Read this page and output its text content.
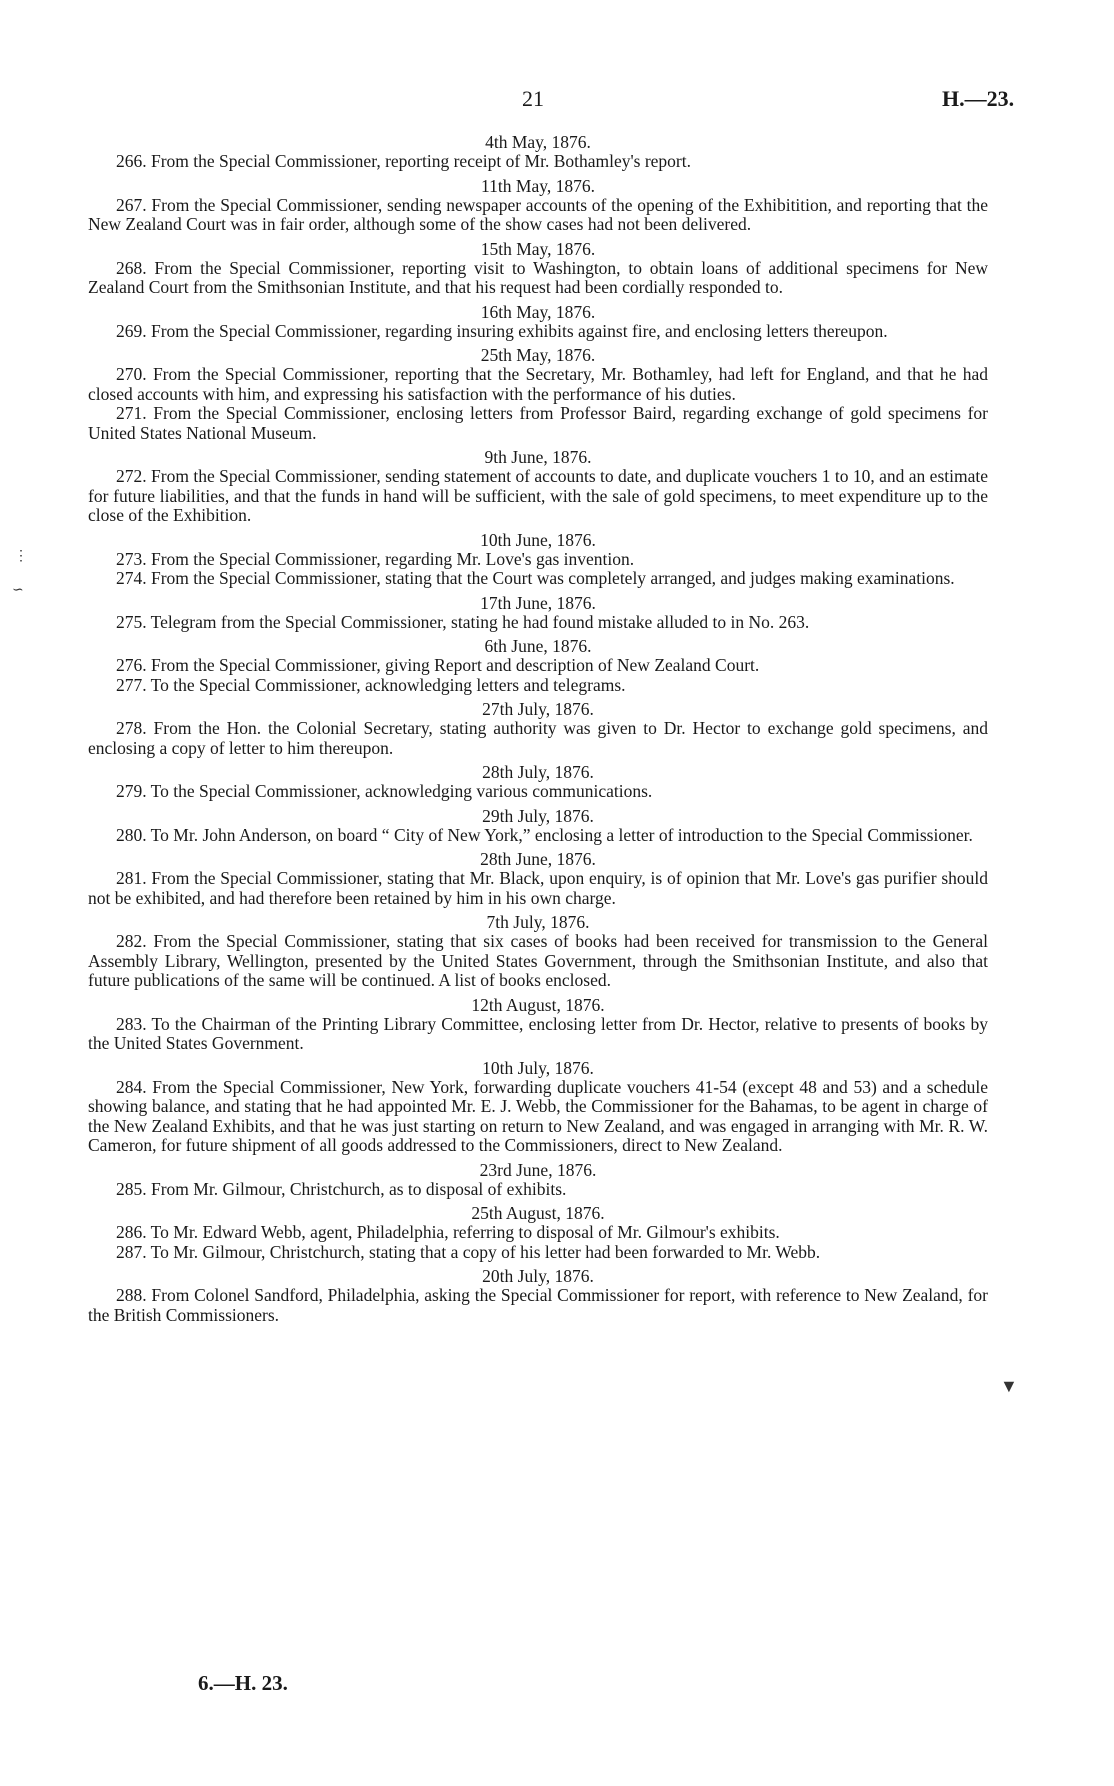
21	H.—23.
4th May, 1876.

266. From the Special Commissioner, reporting receipt of Mr. Bothamley's report.

11th May, 1876.

267. From the Special Commissioner, sending newspaper accounts of the opening of the Exhibitition, and reporting that the New Zealand Court was in fair order, although some of the show cases had not been delivered.

15th May, 1876.

268. From the Special Commissioner, reporting visit to Washington, to obtain loans of additional specimens for New Zealand Court from the Smithsonian Institute, and that his request had been cordially responded to.

16th May, 1876.

269. From the Special Commissioner, regarding insuring exhibits against fire, and enclosing letters thereupon.

25th May, 1876.

270. From the Special Commissioner, reporting that the Secretary, Mr. Bothamley, had left for England, and that he had closed accounts with him, and expressing his satisfaction with the performance of his duties.

271. From the Special Commissioner, enclosing letters from Professor Baird, regarding exchange of gold specimens for United States National Museum.

9th June, 1876.

272. From the Special Commissioner, sending statement of accounts to date, and duplicate vouchers 1 to 10, and an estimate for future liabilities, and that the funds in hand will be sufficient, with the sale of gold specimens, to meet expenditure up to the close of the Exhibition.

10th June, 1876.

273. From the Special Commissioner, regarding Mr. Love's gas invention.

274. From the Special Commissioner, stating that the Court was completely arranged, and judges making examinations.

17th June, 1876.

275. Telegram from the Special Commissioner, stating he had found mistake alluded to in No. 263.

6th June, 1876.

276. From the Special Commissioner, giving Report and description of New Zealand Court.

277. To the Special Commissioner, acknowledging letters and telegrams.

27th July, 1876.

278. From the Hon. the Colonial Secretary, stating authority was given to Dr. Hector to exchange gold specimens, and enclosing a copy of letter to him thereupon.

28th July, 1876.

279. To the Special Commissioner, acknowledging various communications.

29th July, 1876.

280. To Mr. John Anderson, on board “ City of New York,” enclosing a letter of introduction to the Special Commissioner.

28th June, 1876.

281. From the Special Commissioner, stating that Mr. Black, upon enquiry, is of opinion that Mr. Love's gas purifier should not be exhibited, and had therefore been retained by him in his own charge.

7th July, 1876.

282. From the Special Commissioner, stating that six cases of books had been received for transmission to the General Assembly Library, Wellington, presented by the United States Government, through the Smithsonian Institute, and also that future publications of the same will be continued. A list of books enclosed.

12th August, 1876.

283. To the Chairman of the Printing Library Committee, enclosing letter from Dr. Hector, relative to presents of books by the United States Government.

10th July, 1876.

284. From the Special Commissioner, New York, forwarding duplicate vouchers 41-54 (except 48 and 53) and a schedule showing balance, and stating that he had appointed Mr. E. J. Webb, the Commissioner for the Bahamas, to be agent in charge of the New Zealand Exhibits, and that he was just starting on return to New Zealand, and was engaged in arranging with Mr. R. W. Cameron, for future shipment of all goods addressed to the Commissioners, direct to New Zealand.

23rd June, 1876.

285. From Mr. Gilmour, Christchurch, as to disposal of exhibits.

25th August, 1876.

286. To Mr. Edward Webb, agent, Philadelphia, referring to disposal of Mr. Gilmour's exhibits.

287. To Mr. Gilmour, Christchurch, stating that a copy of his letter had been forwarded to Mr. Webb.

20th July, 1876.

288. From Colonel Sandford, Philadelphia, asking the Special Commissioner for report, with reference to New Zealand, for the British Commissioners.

6.—H. 23.
⋮
∽
▼
